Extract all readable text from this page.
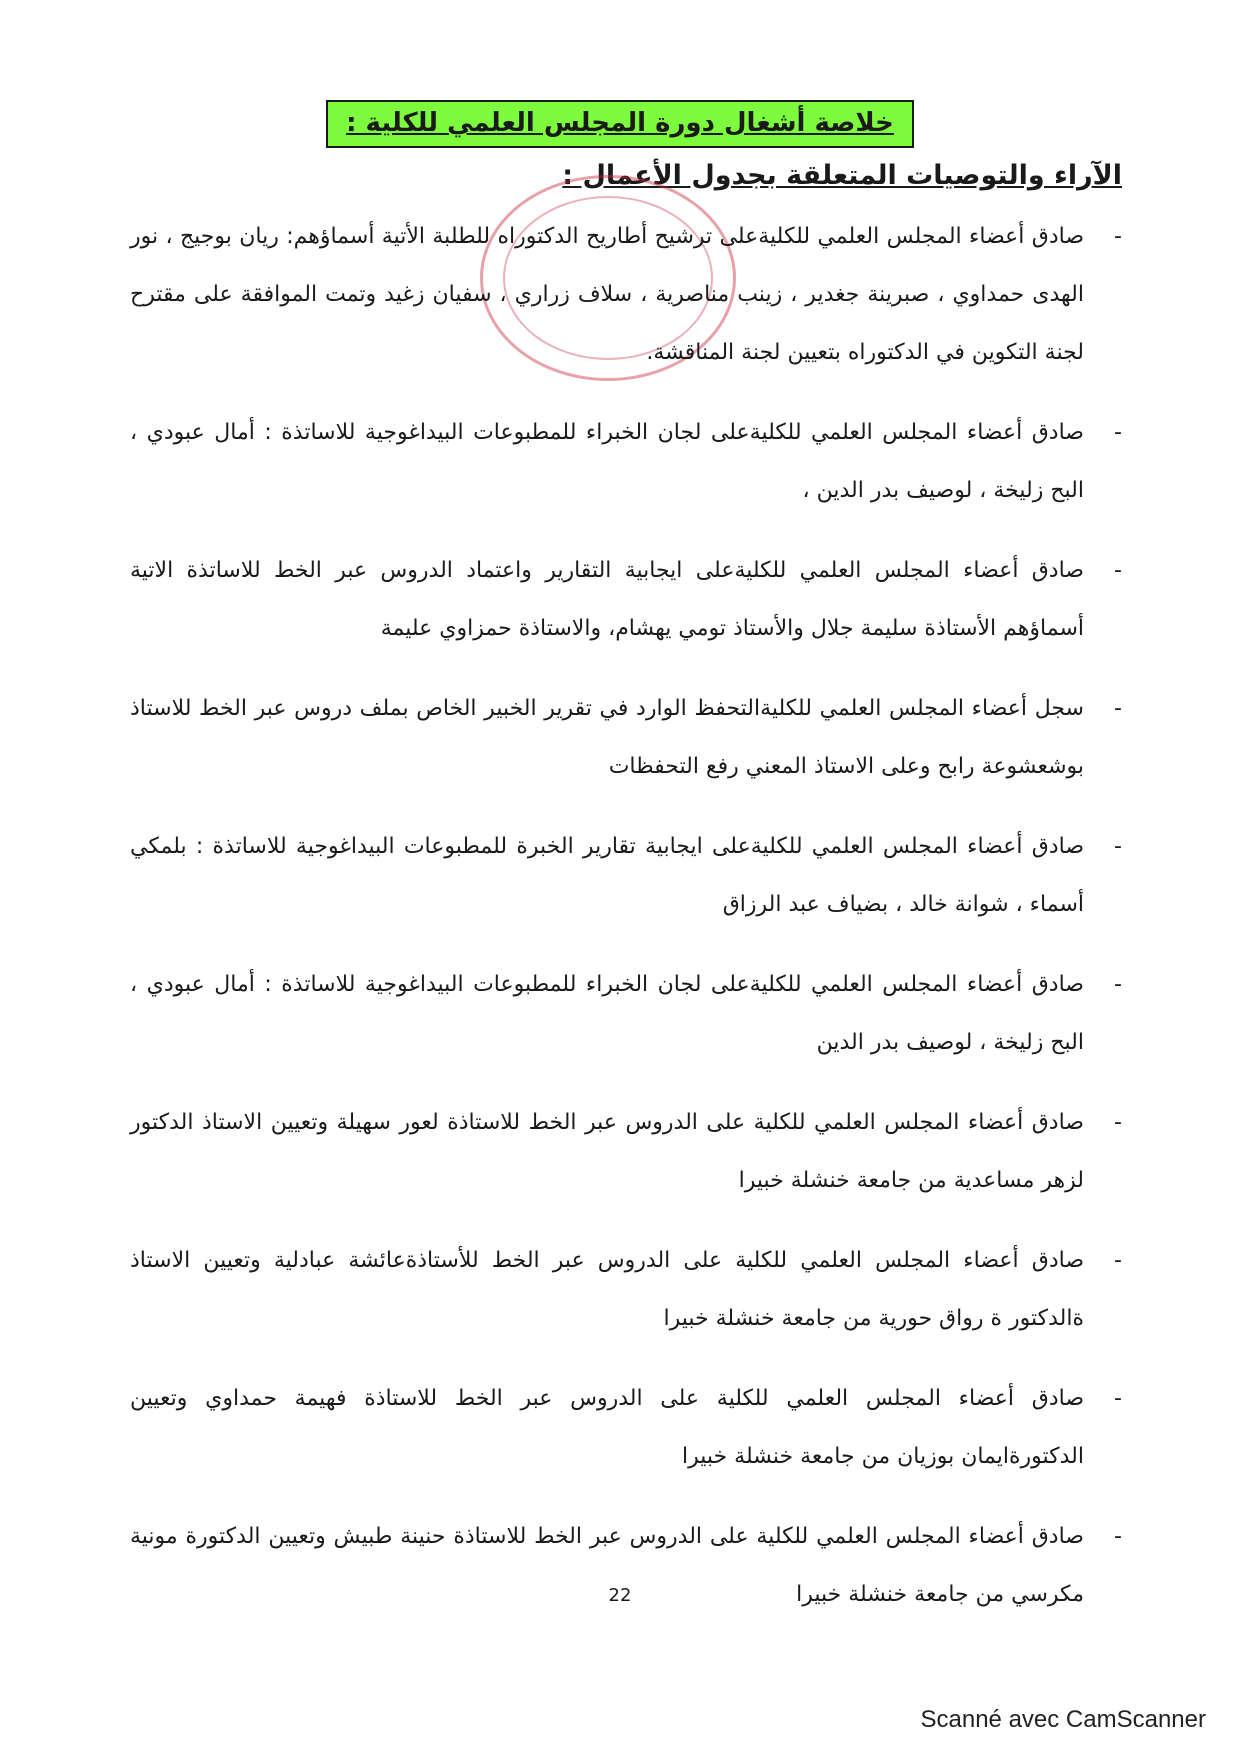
خلاصة أشغال دورة المجلس العلمي للكلية :
الآراء والتوصيات المتعلقة بجدول الأعمال :
-
صادق أعضاء المجلس العلمي للكليةعلى ترشيح أطاريح الدكتوراه للطلبة الأتية أسماؤهم: ريان بوجيج ، نور الهدى حمداوي ، صبرينة جغدير ، زينب مناصرية ، سلاف زراري ، سفيان زغيد وتمت الموافقة على مقترح لجنة التكوين في الدكتوراه بتعيين لجنة المناقشة.
-
صادق أعضاء المجلس العلمي للكليةعلى لجان الخبراء للمطبوعات البيداغوجية للاساتذة : أمال عبودي ، البح زليخة ، لوصيف بدر الدين ،
-
صادق أعضاء المجلس العلمي للكليةعلى ايجابية التقارير واعتماد الدروس عبر الخط للاساتذة الاتية أسماؤهم الأستاذة سليمة جلال والأستاذ تومي يهشام، والاستاذة حمزاوي عليمة
-
سجل أعضاء المجلس العلمي للكليةالتحفظ الوارد في تقرير الخبير الخاص بملف دروس عبر الخط للاستاذ بوشعشوعة رابح وعلى الاستاذ المعني رفع التحفظات
-
صادق أعضاء المجلس العلمي للكليةعلى ايجابية تقارير الخبرة للمطبوعات البيداغوجية للاساتذة : بلمكي أسماء ، شوانة خالد ، بضياف عبد الرزاق
-
صادق أعضاء المجلس العلمي للكليةعلى لجان الخبراء للمطبوعات البيداغوجية للاساتذة : أمال عبودي ، البح زليخة ، لوصيف بدر الدين
-
صادق أعضاء المجلس العلمي للكلية على الدروس عبر الخط للاستاذة لعور سهيلة وتعيين الاستاذ الدكتور لزهر مساعدية من جامعة خنشلة خبيرا
-
صادق أعضاء المجلس العلمي للكلية على الدروس عبر الخط للأستاذةعائشة عبادلية وتعيين الاستاذ ةالدكتور ة رواق حورية من جامعة خنشلة خبيرا
-
صادق أعضاء المجلس العلمي للكلية على الدروس عبر الخط للاستاذة فهيمة حمداوي وتعيين الدكتورةايمان بوزيان من جامعة خنشلة خبيرا
-
صادق أعضاء المجلس العلمي للكلية على الدروس عبر الخط للاستاذة حنينة طبيش وتعيين الدكتورة مونية مكرسي من جامعة خنشلة خبيرا
22
Scanné avec CamScanner
